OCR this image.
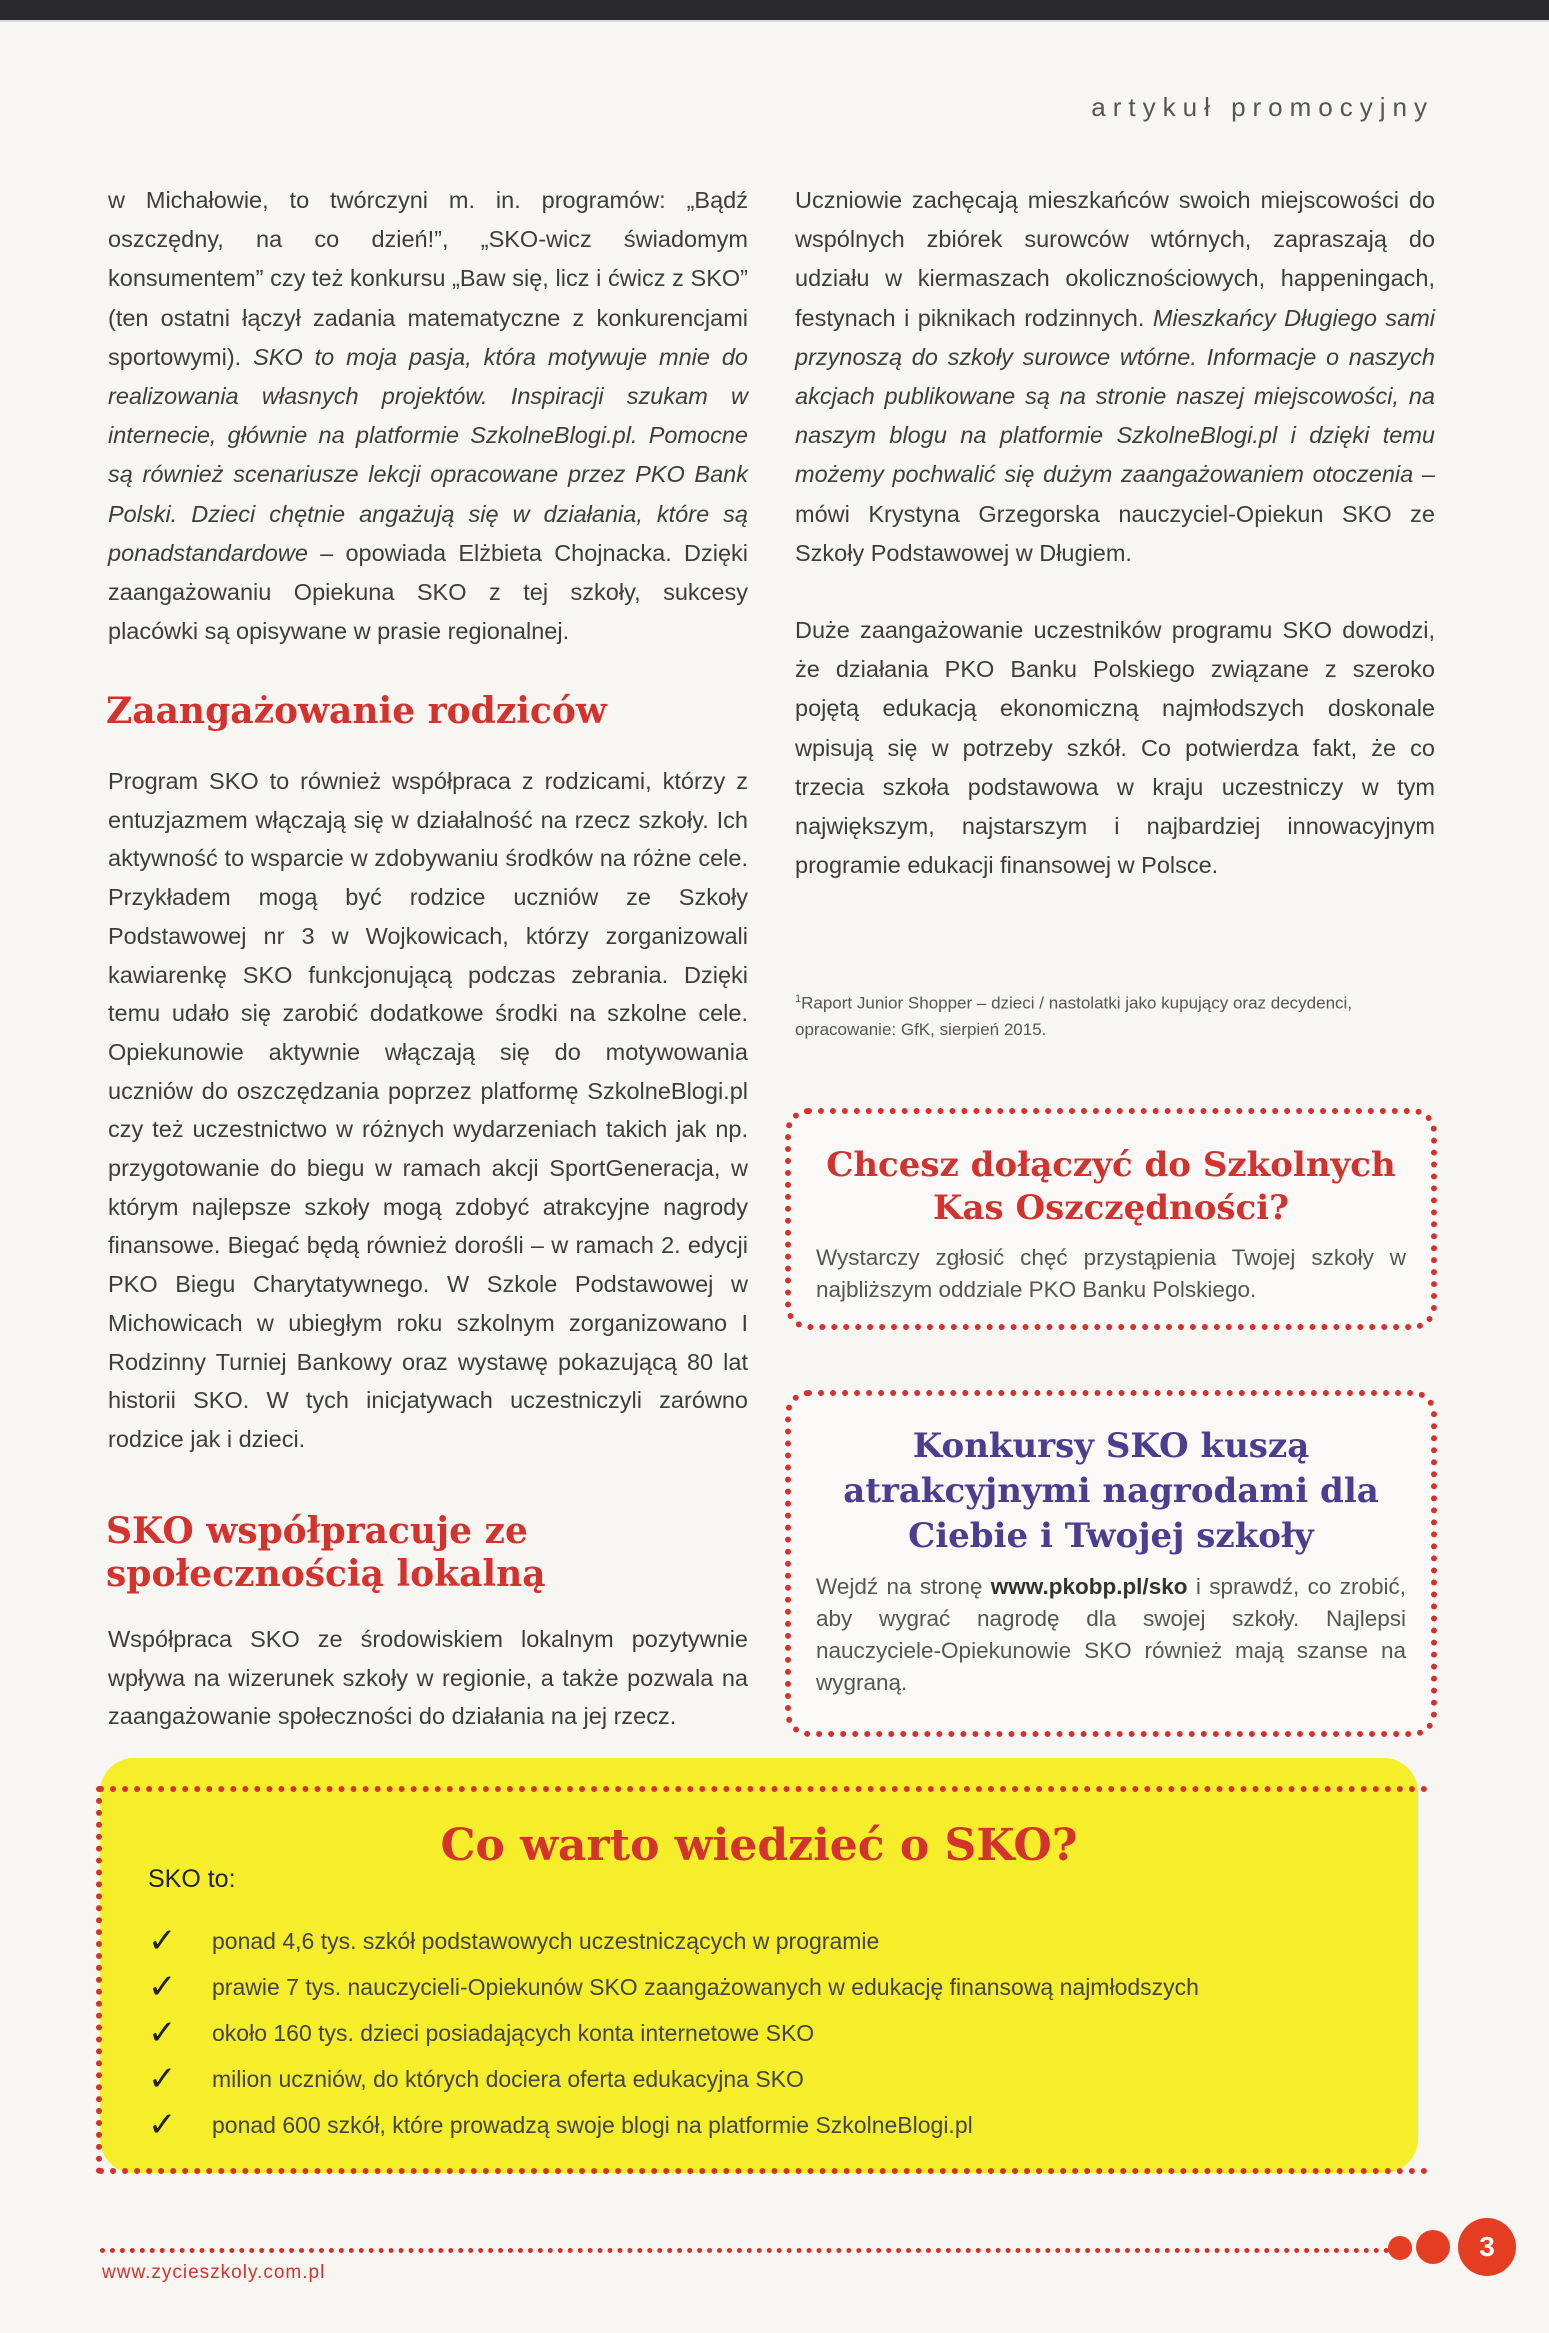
artykuł promocyjny

w Michałowie, to twórczyni m. in. programów: „Bądź oszczędny, na co dzień!”, „SKO-wicz świadomym konsumentem” czy też konkursu „Baw się, licz i ćwicz z SKO” (ten ostatni łączył zadania matematyczne z konkurencjami sportowymi). SKO to moja pasja, która motywuje mnie do realizowania własnych projektów. Inspiracji szukam w internecie, głównie na platformie SzkolneBlogi.pl. Pomocne są również scenariusze lekcji opracowane przez PKO Bank Polski. Dzieci chętnie angażują się w działania, które są ponadstandardowe – opowiada Elżbieta Chojnacka. Dzięki zaangażowaniu Opiekuna SKO z tej szkoły, sukcesy placówki są opisywane w prasie regionalnej.

Zaangażowanie rodziców
Program SKO to również współpraca z rodzicami, którzy z entuzjazmem włączają się w działalność na rzecz szkoły. Ich aktywność to wsparcie w zdobywaniu środków na różne cele. Przykładem mogą być rodzice uczniów ze Szkoły Podstawowej nr 3 w Wojkowicach, którzy zorganizowali kawiarenkę SKO funkcjonującą podczas zebrania. Dzięki temu udało się zarobić dodatkowe środki na szkolne cele. Opiekunowie aktywnie włączają się do motywowania uczniów do oszczędzania poprzez platformę SzkolneBlogi.pl czy też uczestnictwo w różnych wydarzeniach takich jak np. przygotowanie do biegu w ramach akcji SportGeneracja, w którym najlepsze szkoły mogą zdobyć atrakcyjne nagrody finansowe. Biegać będą również dorośli – w ramach 2. edycji PKO Biegu Charytatywnego. W Szkole Podstawowej w Michowicach w ubiegłym roku szkolnym zorganizowano I Rodzinny Turniej Bankowy oraz wystawę pokazującą 80 lat historii SKO. W tych inicjatywach uczestniczyli zarówno rodzice jak i dzieci.
SKO współpracuje ze społecznością lokalną
Współpraca SKO ze środowiskiem lokalnym pozytywnie wpływa na wizerunek szkoły w regionie, a także pozwala na zaangażowanie społeczności do działania na jej rzecz.

Uczniowie zachęcają mieszkańców swoich miejscowości do wspólnych zbiórek surowców wtórnych, zapraszają do udziału w kiermaszach okolicznościowych, happeningach, festynach i piknikach rodzinnych. Mieszkańcy Długiego sami przynoszą do szkoły surowce wtórne. Informacje o naszych akcjach publikowane są na stronie naszej miejscowości, na naszym blogu na platformie SzkolneBlogi.pl i dzięki temu możemy pochwalić się dużym zaangażowaniem otoczenia – mówi Krystyna Grzegorska nauczyciel-Opiekun SKO ze Szkoły Podstawowej w Długiem.

Duże zaangażowanie uczestników programu SKO dowodzi, że działania PKO Banku Polskiego związane z szeroko pojętą edukacją ekonomiczną najmłodszych doskonale wpisują się w potrzeby szkół. Co potwierdza fakt, że co trzecia szkoła podstawowa w kraju uczestniczy w tym największym, najstarszym i najbardziej innowacyjnym programie edukacji finansowej w Polsce.
$^1$Raport Junior Shopper – dzieci / nastolatki jako kupujący oraz decydenci, opracowanie: GfK, sierpień 2015.
Chcesz dołączyć do Szkolnych Kas Oszczędności?
Wystarczy zgłosić chęć przystąpienia Twojej szkoły w najbliższym oddziale PKO Banku Polskiego.
Konkursy SKO kuszą atrakcyjnymi nagrodami dla Ciebie i Twojej szkoły
Wejdź na stronę www.pkobp.pl/sko i sprawdź, co zrobić, aby wygrać nagrodę dla swojej szkoły. Najlepsi nauczyciele-Opiekunowie SKO również mają szanse na wygraną.
Co warto wiedzieć o SKO?
SKO to:
✓	ponad 4,6 tys. szkół podstawowych uczestniczących w programie
✓	prawie 7 tys. nauczycieli-Opiekunów SKO zaangażowanych w edukację finansową najmłodszych
✓	około 160 tys. dzieci posiadających konta internetowe SKO
✓	milion uczniów, do których dociera oferta edukacyjna SKO
✓	ponad 600 szkół, które prowadzą swoje blogi na platformie SzkolneBlogi.pl
3
www.zycieszkoly.com.pl
